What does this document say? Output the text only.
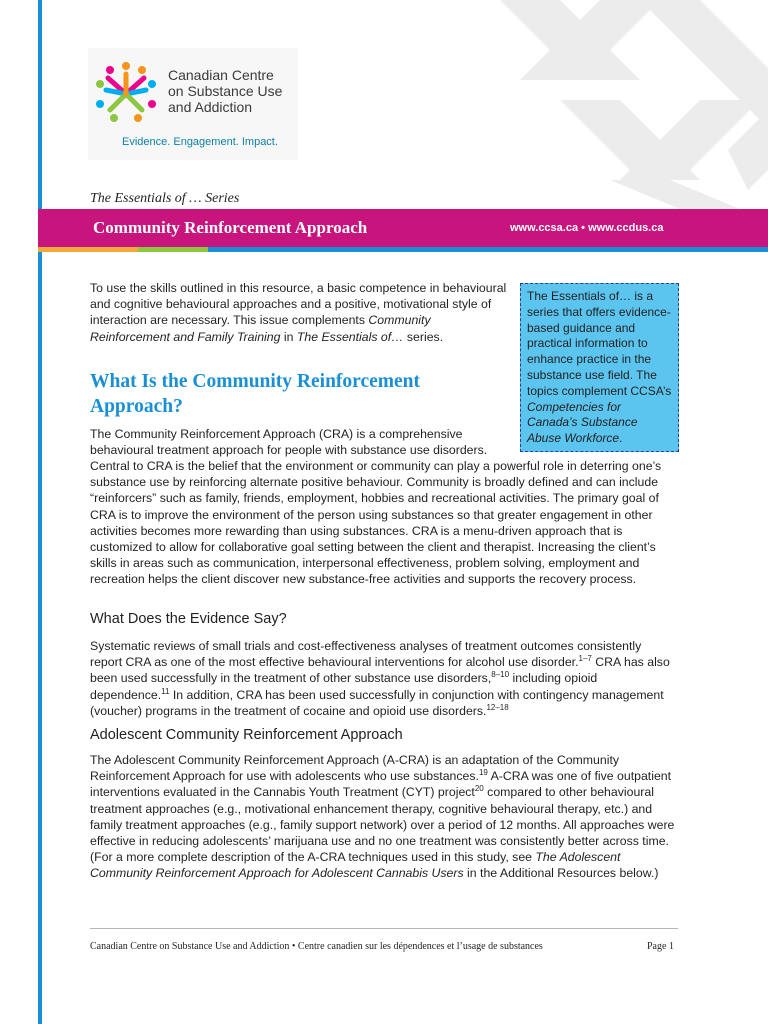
Canadian Centre
on Substance Use
and Addiction
Evidence. Engagement. Impact.
The Essentials of … Series
Community Reinforcement Approach	www.ccsa.ca • www.ccdus.ca
To use the skills outlined in this resource, a basic competence in behavioural and cognitive behavioural approaches and a positive, motivational style of interaction are necessary. This issue complements Community Reinforcement and Family Training in The Essentials of… series.
The Essentials of… is a series that offers evidence-based guidance and practical information to enhance practice in the substance use field. The topics complement CCSA’s Competencies for Canada’s Substance Abuse Workforce.
What Is the Community Reinforcement Approach?
The Community Reinforcement Approach (CRA) is a comprehensive behavioural treatment approach for people with substance use disorders.
Central to CRA is the belief that the environment or community can play a powerful role in deterring one’s substance use by reinforcing alternate positive behaviour. Community is broadly defined and can include “reinforcers” such as family, friends, employment, hobbies and recreational activities. The primary goal of CRA is to improve the environment of the person using substances so that greater engagement in other activities becomes more rewarding than using substances. CRA is a menu-driven approach that is customized to allow for collaborative goal setting between the client and therapist. Increasing the client’s skills in areas such as communication, interpersonal effectiveness, problem solving, employment and recreation helps the client discover new substance-free activities and supports the recovery process.
What Does the Evidence Say?
Systematic reviews of small trials and cost-effectiveness analyses of treatment outcomes consistently report CRA as one of the most effective behavioural interventions for alcohol use disorder.$^{1-7}$ CRA has also been used successfully in the treatment of other substance use disorders,$^{8-10}$ including opioid dependence.$^{11}$ In addition, CRA has been used successfully in conjunction with contingency management (voucher) programs in the treatment of cocaine and opioid use disorders.$^{12-18}$
Adolescent Community Reinforcement Approach
The Adolescent Community Reinforcement Approach (A-CRA) is an adaptation of the Community Reinforcement Approach for use with adolescents who use substances.$^{19}$ A-CRA was one of five outpatient interventions evaluated in the Cannabis Youth Treatment (CYT) project$^{20}$ compared to other behavioural treatment approaches (e.g., motivational enhancement therapy, cognitive behavioural therapy, etc.) and family treatment approaches (e.g., family support network) over a period of 12 months. All approaches were effective in reducing adolescents’ marijuana use and no one treatment was consistently better across time. (For a more complete description of the A-CRA techniques used in this study, see The Adolescent Community Reinforcement Approach for Adolescent Cannabis Users in the Additional Resources below.)
Canadian Centre on Substance Use and Addiction • Centre canadien sur les dépendences et l’usage de substances	Page 1
